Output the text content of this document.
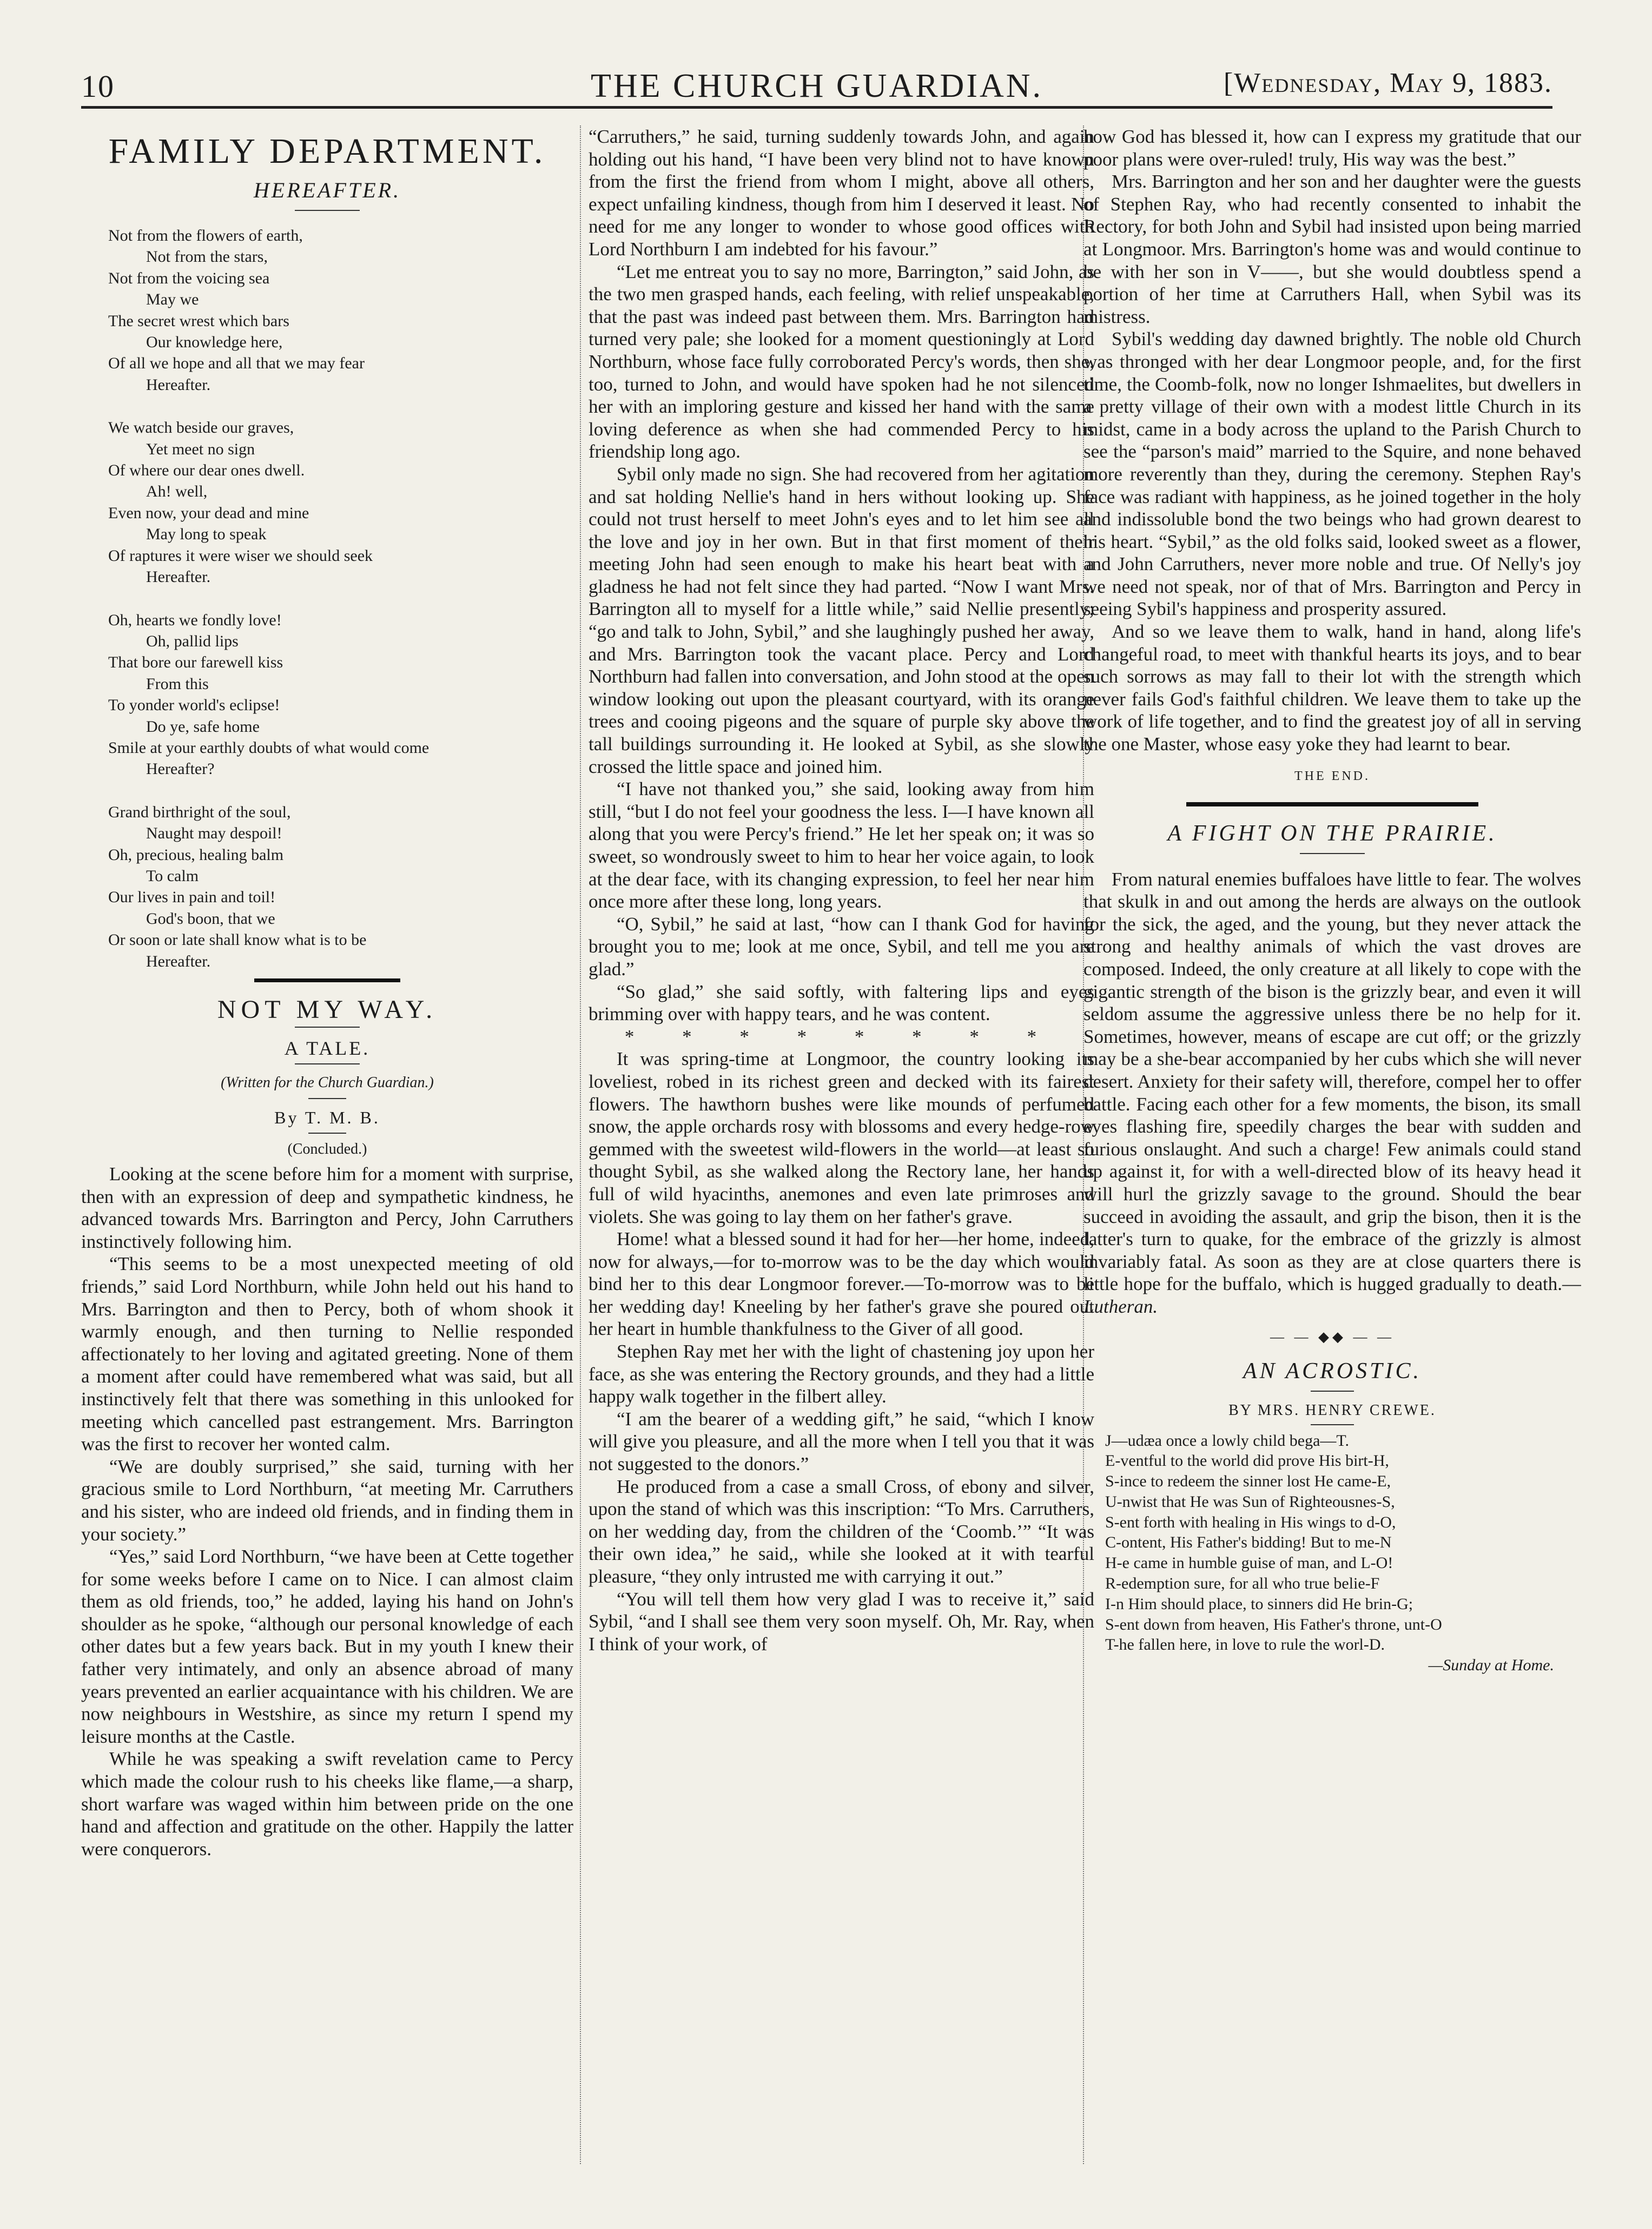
10	THE CHURCH GUARDIAN.	[Wednesday, May 9, 1883.
FAMILY DEPARTMENT.
HEREAFTER.
Not from the flowers of earth,
Not from the stars,
Not from the voicing sea
May we
The secret wrest which bars
Our knowledge here,
Of all we hope and all that we may fear
Hereafter.
We watch beside our graves,
Yet meet no sign
Of where our dear ones dwell.
Ah! well,
Even now, your dead and mine
May long to speak
Of raptures it were wiser we should seek
Hereafter.
Oh, hearts we fondly love!
Oh, pallid lips
That bore our farewell kiss
From this
To yonder world's eclipse!
Do ye, safe home
Smile at your earthly doubts of what would come
Hereafter?
Grand birthright of the soul,
Naught may despoil!
Oh, precious, healing balm
To calm
Our lives in pain and toil!
God's boon, that we
Or soon or late shall know what is to be
Hereafter.
NOT MY WAY.
A TALE.
(Written for the Church Guardian.)
By T. M. B.
(Concluded.)

Looking at the scene before him for a moment with surprise, then with an expression of deep and sympathetic kindness, he advanced towards Mrs. Barrington and Percy, John Carruthers instinctively following him.

“This seems to be a most unexpected meeting of old friends,” said Lord Northburn, while John held out his hand to Mrs. Barrington and then to Percy, both of whom shook it warmly enough, and then turning to Nellie responded affectionately to her loving and agitated greeting. None of them a moment after could have remembered what was said, but all instinctively felt that there was something in this unlooked for meeting which cancelled past estrangement. Mrs. Barrington was the first to recover her wonted calm.

“We are doubly surprised,” she said, turning with her gracious smile to Lord Northburn, “at meeting Mr. Carruthers and his sister, who are indeed old friends, and in finding them in your society.”

“Yes,” said Lord Northburn, “we have been at Cette together for some weeks before I came on to Nice. I can almost claim them as old friends, too,” he added, laying his hand on John's shoulder as he spoke, “although our personal knowledge of each other dates but a few years back. But in my youth I knew their father very intimately, and only an absence abroad of many years prevented an earlier acquaintance with his children. We are now neighbours in Westshire, as since my return I spend my leisure months at the Castle.

While he was speaking a swift revelation came to Percy which made the colour rush to his cheeks like flame,—a sharp, short warfare was waged within him between pride on the one hand and affection and gratitude on the other. Happily the latter were conquerors.

“Carruthers,” he said, turning suddenly towards John, and again holding out his hand, “I have been very blind not to have known from the first the friend from whom I might, above all others, expect unfailing kindness, though from him I deserved it least. No need for me any longer to wonder to whose good offices with Lord Northburn I am indebted for his favour.”

“Let me entreat you to say no more, Barrington,” said John, as the two men grasped hands, each feeling, with relief unspeakable, that the past was indeed past between them. Mrs. Barrington had turned very pale; she looked for a moment questioningly at Lord Northburn, whose face fully corroborated Percy's words, then she, too, turned to John, and would have spoken had he not silenced her with an imploring gesture and kissed her hand with the same loving deference as when she had commended Percy to his friendship long ago.

Sybil only made no sign. She had recovered from her agitation and sat holding Nellie's hand in hers without looking up. She could not trust herself to meet John's eyes and to let him see all the love and joy in her own. But in that first moment of their meeting John had seen enough to make his heart beat with a gladness he had not felt since they had parted. “Now I want Mrs. Barrington all to myself for a little while,” said Nellie presently; “go and talk to John, Sybil,” and she laughingly pushed her away, and Mrs. Barrington took the vacant place. Percy and Lord Northburn had fallen into conversation, and John stood at the open window looking out upon the pleasant courtyard, with its orange trees and cooing pigeons and the square of purple sky above the tall buildings surrounding it. He looked at Sybil, as she slowly crossed the little space and joined him.

“I have not thanked you,” she said, looking away from him still, “but I do not feel your goodness the less. I—I have known all along that you were Percy's friend.” He let her speak on; it was so sweet, so wondrously sweet to him to hear her voice again, to look at the dear face, with its changing expression, to feel her near him once more after these long, long years.

“O, Sybil,” he said at last, “how can I thank God for having brought you to me; look at me once, Sybil, and tell me you are glad.”

“So glad,” she said softly, with faltering lips and eyes brimming over with happy tears, and he was content.

* * * * * * * *

It was spring-time at Longmoor, the country looking its loveliest, robed in its richest green and decked with its fairest flowers. The hawthorn bushes were like mounds of perfumed snow, the apple orchards rosy with blossoms and every hedge-row gemmed with the sweetest wild-flowers in the world—at least so thought Sybil, as she walked along the Rectory lane, her hands full of wild hyacinths, anemones and even late primroses and violets. She was going to lay them on her father's grave.

Home! what a blessed sound it had for her—her home, indeed, now for always,—for to-morrow was to be the day which would bind her to this dear Longmoor forever.—To-morrow was to be her wedding day! Kneeling by her father's grave she poured out her heart in humble thankfulness to the Giver of all good.

Stephen Ray met her with the light of chastening joy upon her face, as she was entering the Rectory grounds, and they had a little happy walk together in the filbert alley.

“I am the bearer of a wedding gift,” he said, “which I know will give you pleasure, and all the more when I tell you that it was not suggested to the donors.”

He produced from a case a small Cross, of ebony and silver, upon the stand of which was this inscription: “To Mrs. Carruthers, on her wedding day, from the children of the ‘Coomb.’” “It was their own idea,” he said,, while she looked at it with tearful pleasure, “they only intrusted me with carrying it out.”

“You will tell them how very glad I was to receive it,” said Sybil, “and I shall see them very soon myself. Oh, Mr. Ray, when I think of your work, of

how God has blessed it, how can I express my gratitude that our poor plans were over-ruled! truly, His way was the best.”

Mrs. Barrington and her son and her daughter were the guests of Stephen Ray, who had recently consented to inhabit the Rectory, for both John and Sybil had insisted upon being married at Longmoor. Mrs. Barrington's home was and would continue to be with her son in V——, but she would doubtless spend a portion of her time at Carruthers Hall, when Sybil was its mistress.

Sybil's wedding day dawned brightly. The noble old Church was thronged with her dear Longmoor people, and, for the first time, the Coomb-folk, now no longer Ishmaelites, but dwellers in a pretty village of their own with a modest little Church in its midst, came in a body across the upland to the Parish Church to see the “parson's maid” married to the Squire, and none behaved more reverently than they, during the ceremony. Stephen Ray's face was radiant with happiness, as he joined together in the holy and indissoluble bond the two beings who had grown dearest to his heart. “Sybil,” as the old folks said, looked sweet as a flower, and John Carruthers, never more noble and true. Of Nelly's joy we need not speak, nor of that of Mrs. Barrington and Percy in seeing Sybil's happiness and prosperity assured.

And so we leave them to walk, hand in hand, along life's changeful road, to meet with thankful hearts its joys, and to bear such sorrows as may fall to their lot with the strength which never fails God's faithful children. We leave them to take up the work of life together, and to find the greatest joy of all in serving the one Master, whose easy yoke they had learnt to bear.

THE END.
A FIGHT ON THE PRAIRIE.

From natural enemies buffaloes have little to fear. The wolves that skulk in and out among the herds are always on the outlook for the sick, the aged, and the young, but they never attack the strong and healthy animals of which the vast droves are composed. Indeed, the only creature at all likely to cope with the gigantic strength of the bison is the grizzly bear, and even it will seldom assume the aggressive unless there be no help for it. Sometimes, however, means of escape are cut off; or the grizzly may be a she-bear accompanied by her cubs which she will never desert. Anxiety for their safety will, therefore, compel her to offer battle. Facing each other for a few moments, the bison, its small eyes flashing fire, speedily charges the bear with sudden and furious onslaught. And such a charge! Few animals could stand up against it, for with a well-directed blow of its heavy head it will hurl the grizzly savage to the ground. Should the bear succeed in avoiding the assault, and grip the bison, then it is the latter's turn to quake, for the embrace of the grizzly is almost invariably fatal. As soon as they are at close quarters there is little hope for the buffalo, which is hugged gradually to death.—Lutheran.

— — ◆◆ — —
AN ACROSTIC.
BY MRS. HENRY CREWE.

J—udæa once a lowly child bega—T.

E-ventful to the world did prove His birt-H,

S-ince to redeem the sinner lost He came-E,

U-nwist that He was Sun of Righteousnes-S,

S-ent forth with healing in His wings to d-O,

C-ontent, His Father's bidding! But to me-N

H-e came in humble guise of man, and L-O!

R-edemption sure, for all who true belie-F

I-n Him should place, to sinners did He brin-G;

S-ent down from heaven, His Father's throne, unt-O

T-he fallen here, in love to rule the worl-D.

—Sunday at Home.
